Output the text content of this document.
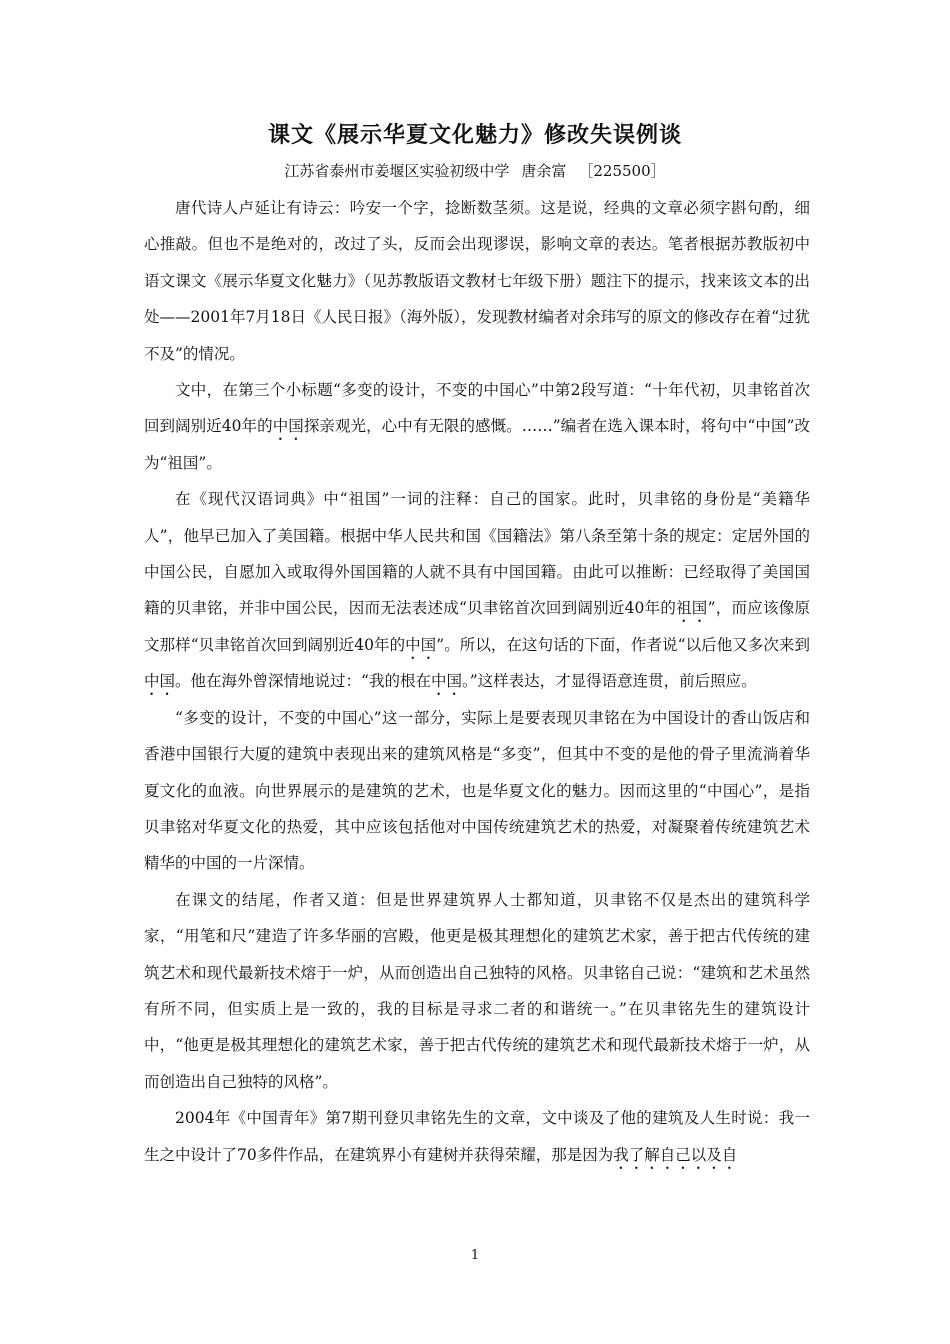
课文《展示华夏文化魅力》修改失误例谈
江苏省泰州市姜堰区实验初级中学 唐余富 ［225500］

唐代诗人卢延让有诗云：吟安一个字，捻断数茎须。这是说，经典的文章必须字斟句酌，细心推敲。但也不是绝对的，改过了头，反而会出现谬误，影响文章的表达。笔者根据苏教版初中语文课文《展示华夏文化魅力》（见苏教版语文教材七年级下册）题注下的提示，找来该文本的出处——2001年7月18日《人民日报》（海外版），发现教材编者对余玮写的原文的修改存在着“过犹不及”的情况。

文中，在第三个小标题“多变的设计，不变的中国心”中第2段写道：“十年代初，贝聿铭首次回到阔别近40年的中国探亲观光，心中有无限的感慨。……”编者在选入课本时，将句中“中国”改为“祖国”。

在《现代汉语词典》中“祖国”一词的注释：自己的国家。此时，贝聿铭的身份是“美籍华人”，他早已加入了美国籍。根据中华人民共和国《国籍法》第八条至第十条的规定：定居外国的中国公民，自愿加入或取得外国国籍的人就不具有中国国籍。由此可以推断：已经取得了美国国籍的贝聿铭，并非中国公民，因而无法表述成“贝聿铭首次回到阔别近40年的祖国”，而应该像原文那样“贝聿铭首次回到阔别近40年的中国”。所以，在这句话的下面，作者说“以后他又多次来到中国。他在海外曾深情地说过：“我的根在中国。”这样表达，才显得语意连贯，前后照应。

“多变的设计，不变的中国心”这一部分，实际上是要表现贝聿铭在为中国设计的香山饭店和香港中国银行大厦的建筑中表现出来的建筑风格是“多变”，但其中不变的是他的骨子里流淌着华夏文化的血液。向世界展示的是建筑的艺术，也是华夏文化的魅力。因而这里的“中国心”，是指贝聿铭对华夏文化的热爱，其中应该包括他对中国传统建筑艺术的热爱，对凝聚着传统建筑艺术精华的中国的一片深情。

在课文的结尾，作者又道：但是世界建筑界人士都知道，贝聿铭不仅是杰出的建筑科学家，“用笔和尺”建造了许多华丽的宫殿，他更是极其理想化的建筑艺术家，善于把古代传统的建筑艺术和现代最新技术熔于一炉，从而创造出自己独特的风格。贝聿铭自己说：“建筑和艺术虽然有所不同，但实质上是一致的，我的目标是寻求二者的和谐统一。”在贝聿铭先生的建筑设计中，“他更是极其理想化的建筑艺术家，善于把古代传统的建筑艺术和现代最新技术熔于一炉，从而创造出自己独特的风格”。

2004年《中国青年》第7期刊登贝聿铭先生的文章，文中谈及了他的建筑及人生时说：我一生之中设计了70多件作品，在建筑界小有建树并获得荣耀，那是因为我了解自己以及自

1
